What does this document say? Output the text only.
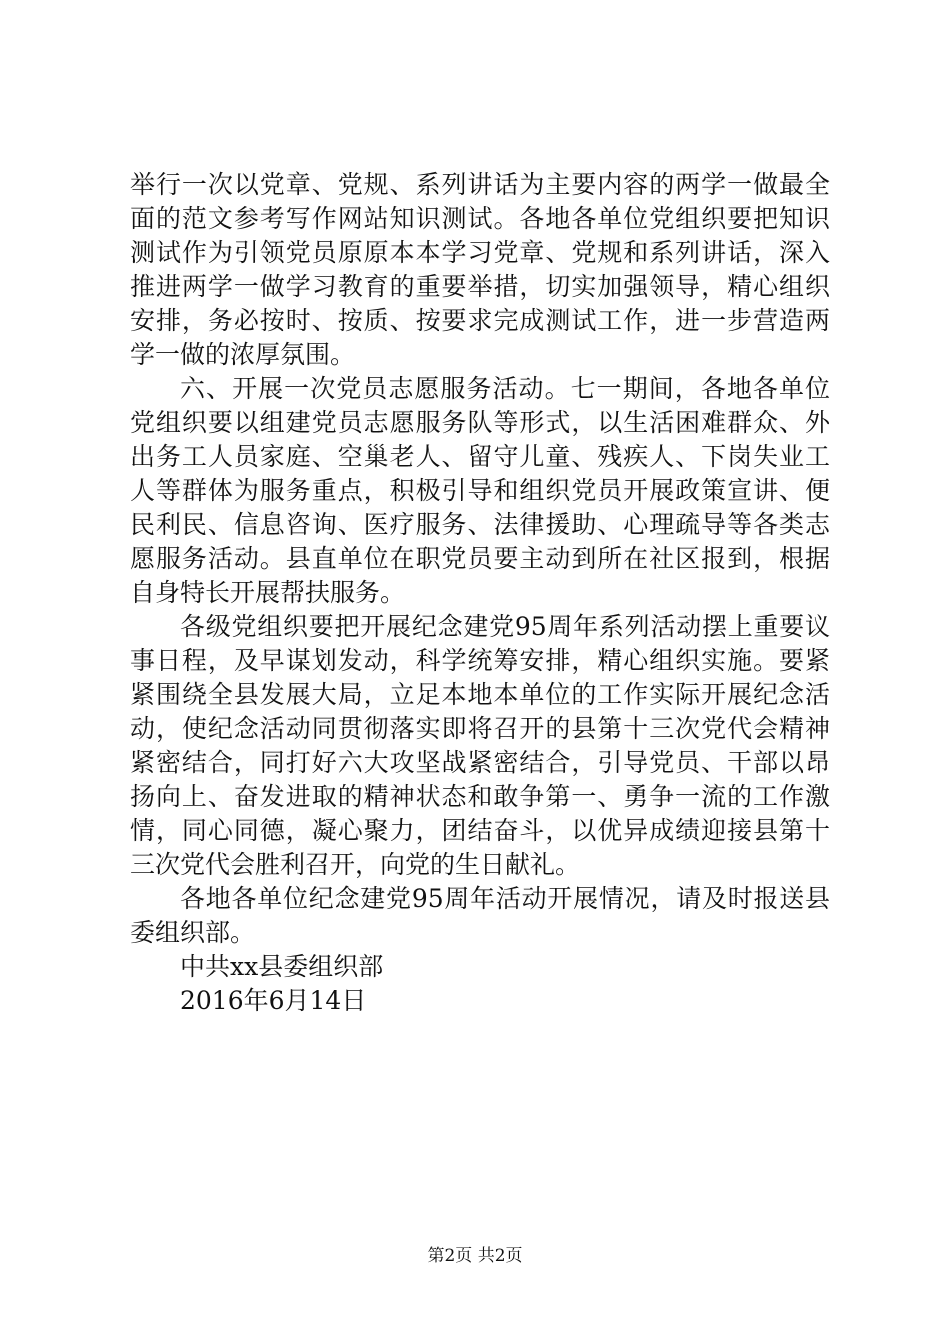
举行一次以党章、党规、系列讲话为主要内容的两学一做最全
面的范文参考写作网站知识测试。各地各单位党组织要把知识
测试作为引领党员原原本本学习党章、党规和系列讲话，深入
推进两学一做学习教育的重要举措，切实加强领导，精心组织
安排，务必按时、按质、按要求完成测试工作，进一步营造两
学一做的浓厚氛围。
六、开展一次党员志愿服务活动。七一期间，各地各单位
党组织要以组建党员志愿服务队等形式，以生活困难群众、外
出务工人员家庭、空巢老人、留守儿童、残疾人、下岗失业工
人等群体为服务重点，积极引导和组织党员开展政策宣讲、便
民利民、信息咨询、医疗服务、法律援助、心理疏导等各类志
愿服务活动。县直单位在职党员要主动到所在社区报到，根据
自身特长开展帮扶服务。
各级党组织要把开展纪念建党95周年系列活动摆上重要议
事日程，及早谋划发动，科学统筹安排，精心组织实施。要紧
紧围绕全县发展大局，立足本地本单位的工作实际开展纪念活
动，使纪念活动同贯彻落实即将召开的县第十三次党代会精神
紧密结合，同打好六大攻坚战紧密结合，引导党员、干部以昂
扬向上、奋发进取的精神状态和敢争第一、勇争一流的工作激
情，同心同德，凝心聚力，团结奋斗，以优异成绩迎接县第十
三次党代会胜利召开，向党的生日献礼。
各地各单位纪念建党95周年活动开展情况，请及时报送县
委组织部。
中共xx县委组织部
2016年6月14日
第2页 共2页
